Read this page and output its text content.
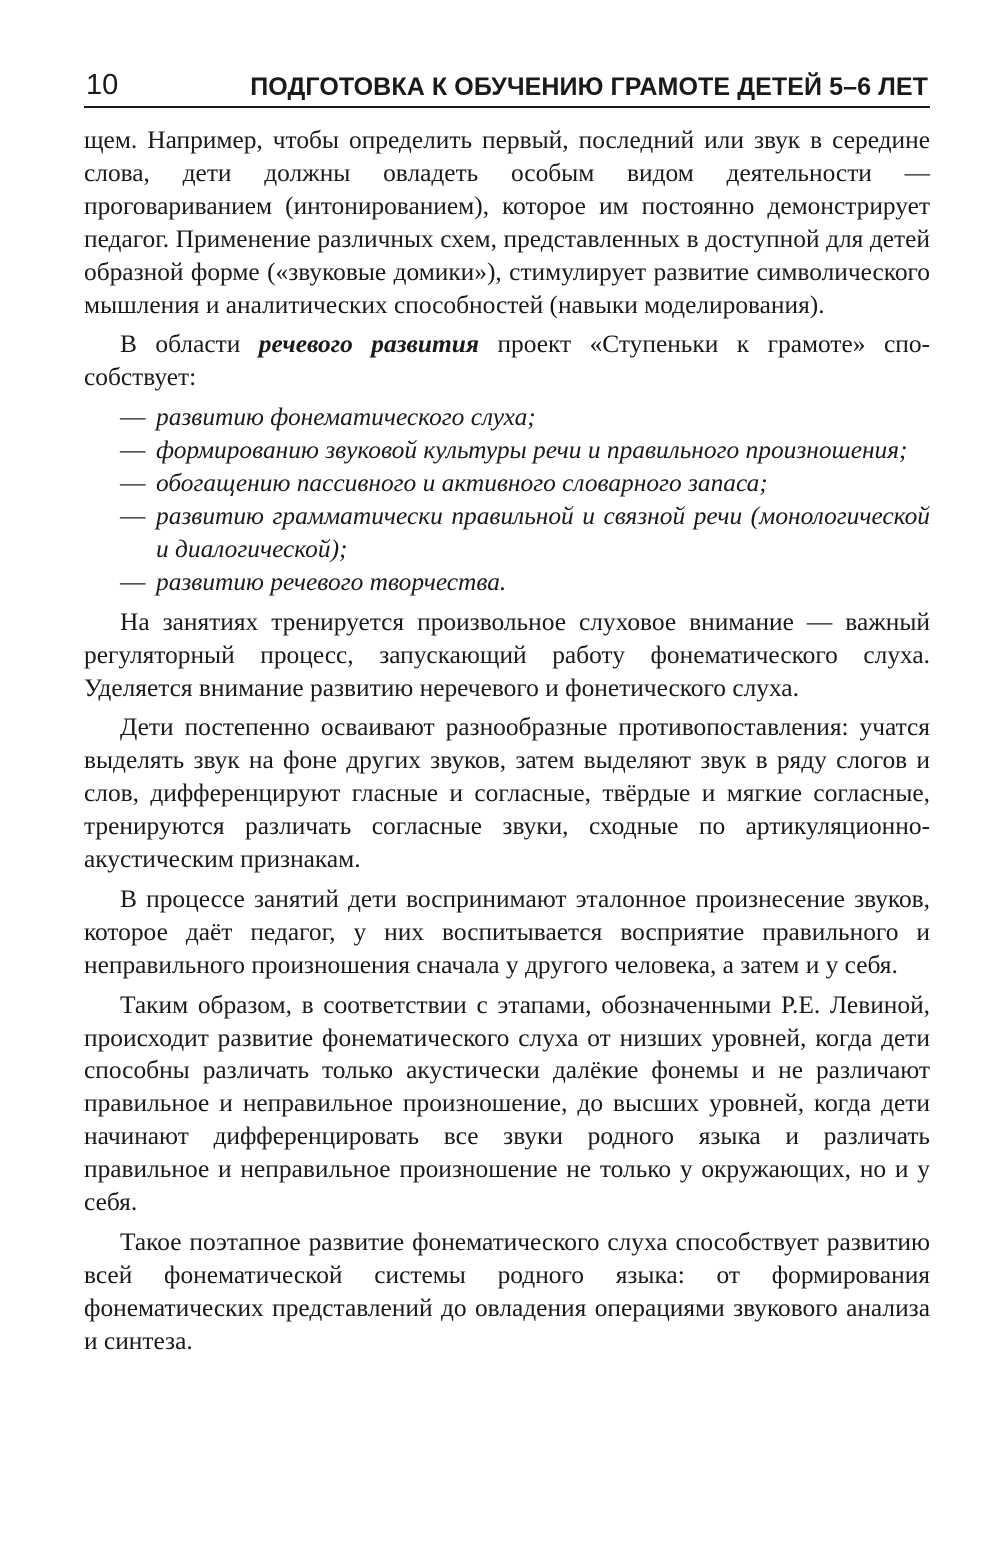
10	ПОДГОТОВКА К ОБУЧЕНИЮ ГРАМОТЕ ДЕТЕЙ 5–6 ЛЕТ

щем. Например, чтобы определить первый, последний или звук в середине слова, дети должны овладеть особым видом деятельности — проговариванием (интонированием), которое им постоянно демонстрирует педагог. Применение различных схем, представленных в доступной для детей образной форме («звуковые домики»), стимулирует развитие символического мышления и аналитических способностей (навыки моделирования).

В области речевого развития проект «Ступеньки к грамоте» способствует:

— развитию фонематического слуха;
— формированию звуковой культуры речи и правильного произношения;
— обогащению пассивного и активного словарного запаса;
— развитию грамматически правильной и связной речи (монологической и диалогической);
— развитию речевого творчества.

На занятиях тренируется произвольное слуховое внимание — важный регуляторный процесс, запускающий работу фонематического слуха. Уделяется внимание развитию неречевого и фонетического слуха.

Дети постепенно осваивают разнообразные противопоставления: учатся выделять звук на фоне других звуков, затем выделяют звук в ряду слогов и слов, дифференцируют гласные и согласные, твёрдые и мягкие согласные, тренируются различать согласные звуки, сходные по артикуляционно-акустическим признакам.

В процессе занятий дети воспринимают эталонное произнесение звуков, которое даёт педагог, у них воспитывается восприятие правильного и неправильного произношения сначала у другого человека, а затем и у себя.

Таким образом, в соответствии с этапами, обозначенными Р.Е. Левиной, происходит развитие фонематического слуха от низших уровней, когда дети способны различать только акустически далёкие фонемы и не различают правильное и неправильное произношение, до высших уровней, когда дети начинают дифференцировать все звуки родного языка и различать правильное и неправильное произношение не только у окружающих, но и у себя.

Такое поэтапное развитие фонематического слуха способствует развитию всей фонематической системы родного языка: от формирования фонематических представлений до овладения операциями звукового анализа и синтеза.
